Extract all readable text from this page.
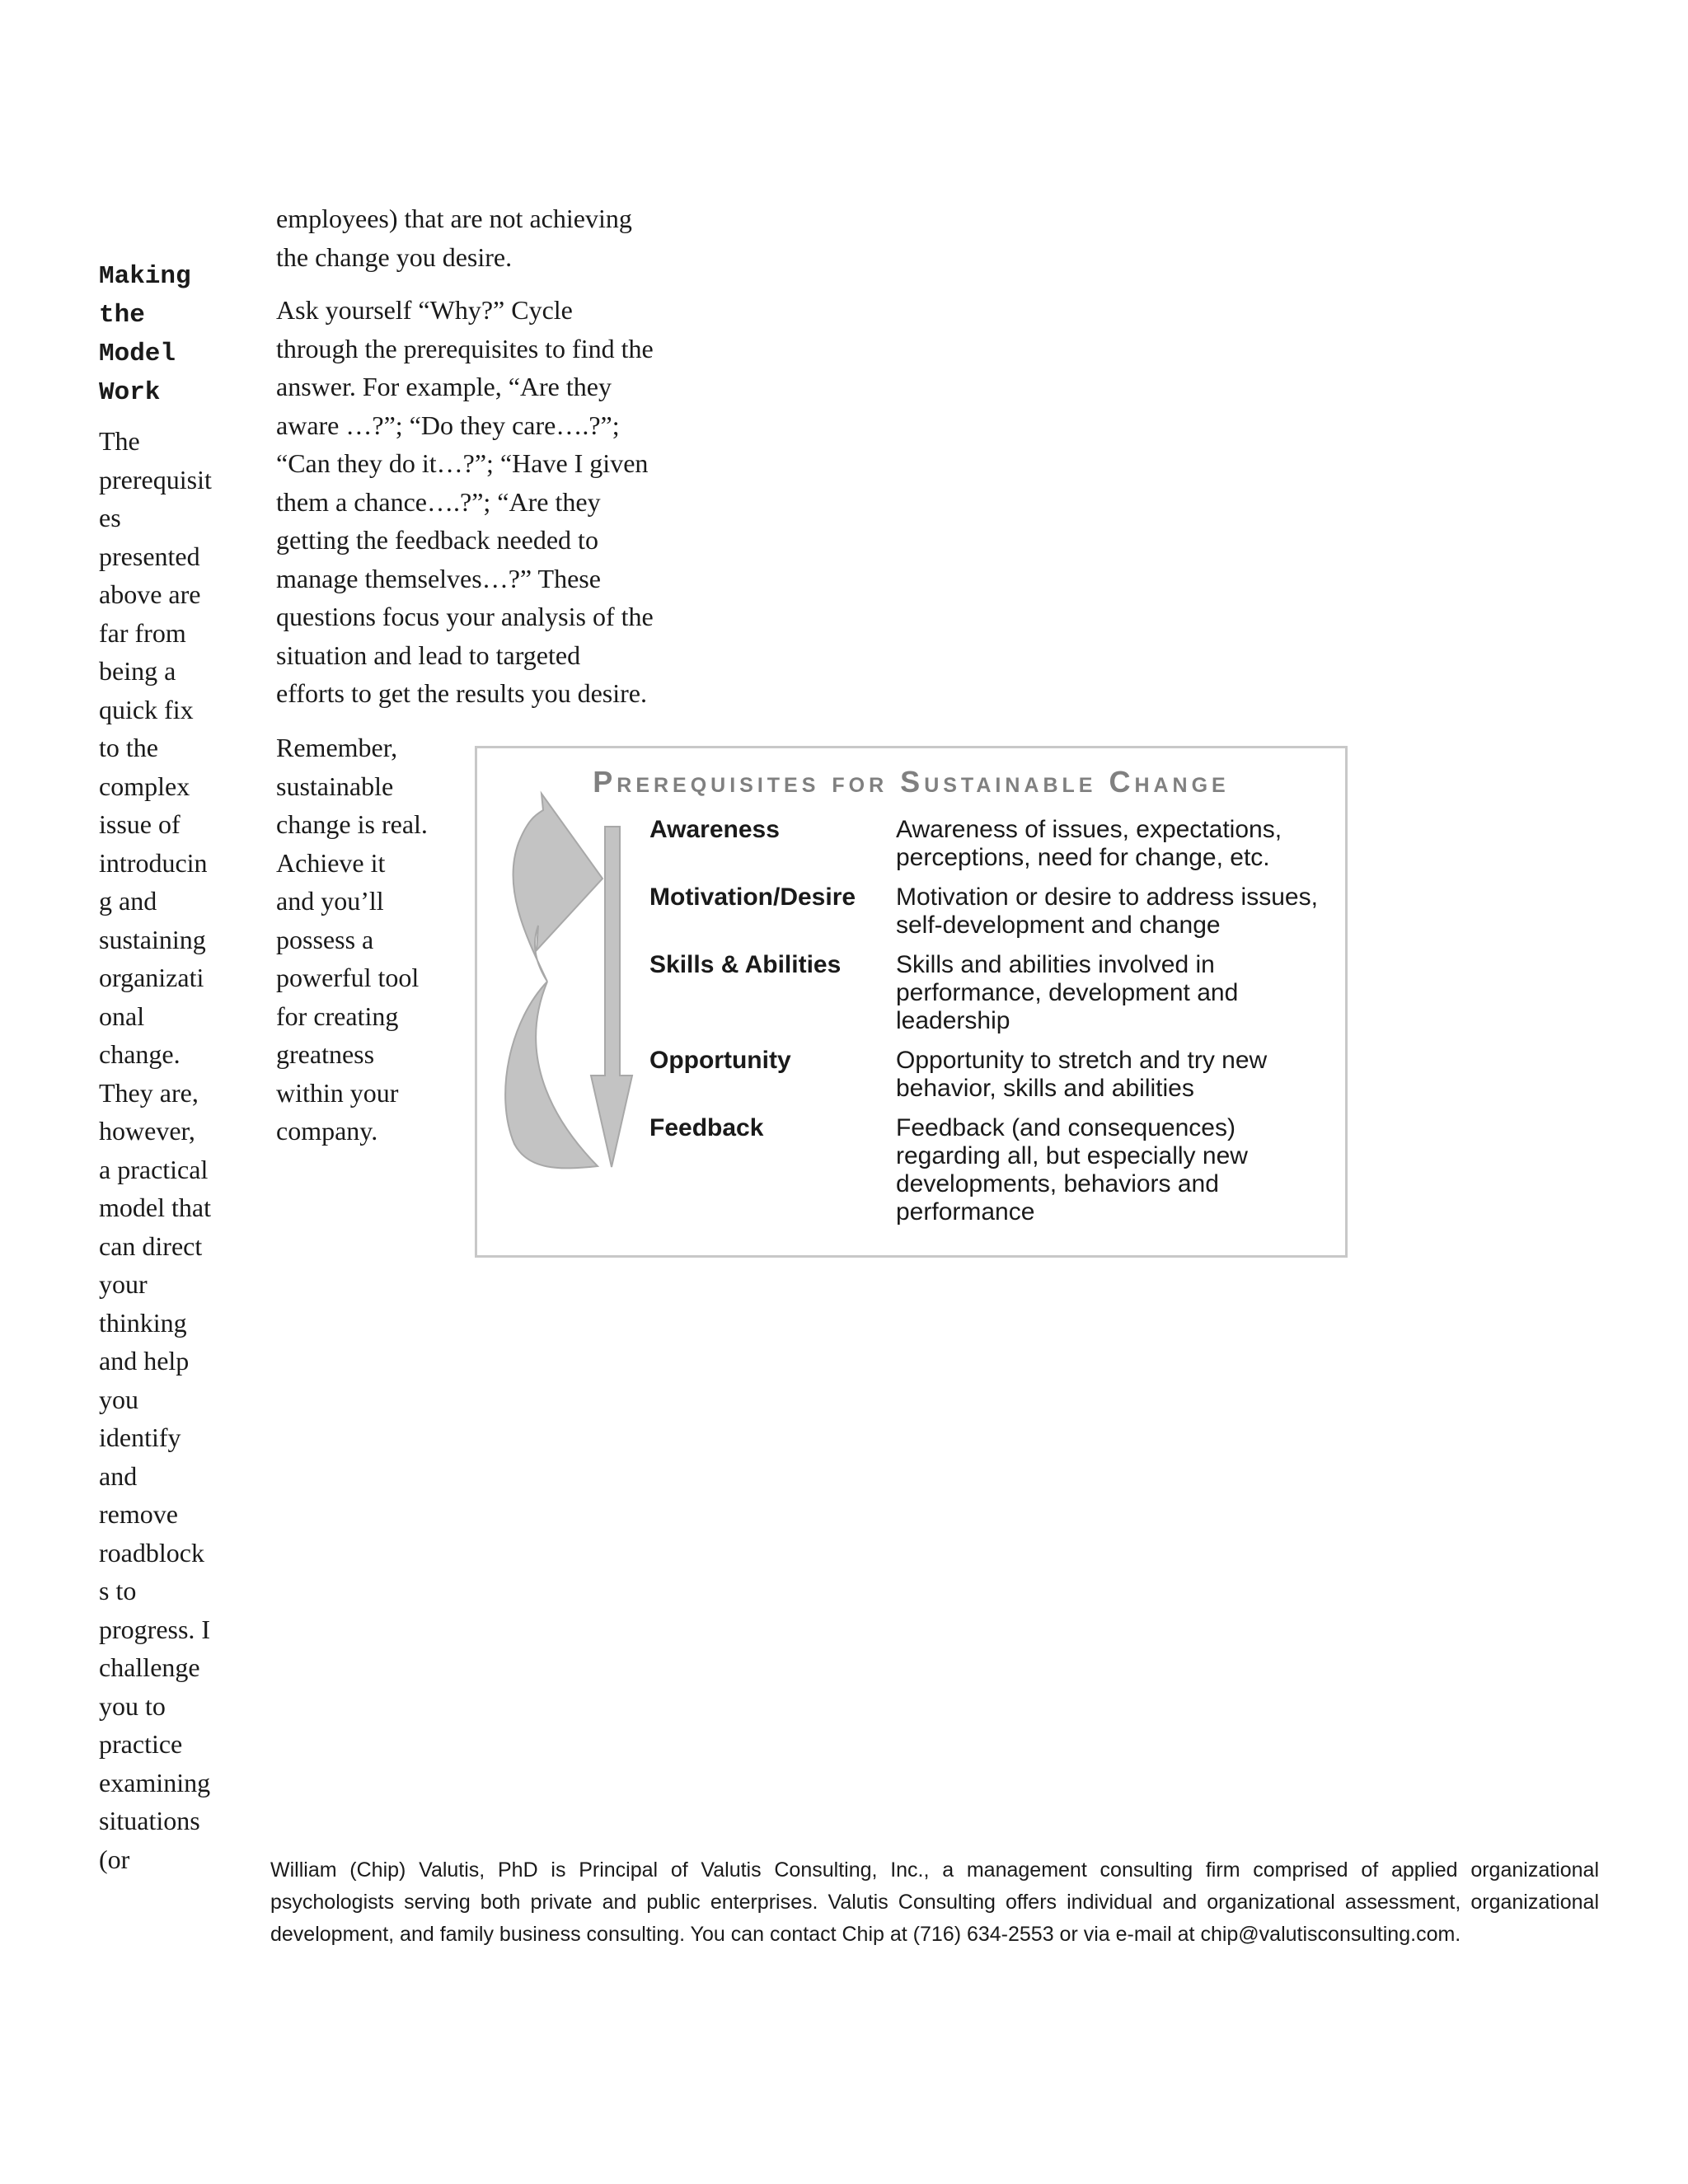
Making
the
Model
Work
The
prerequisit
es
presented
above are
far from
being a
quick fix
to the
complex
issue of
introducin
g and
sustaining
organizati
onal
change.
They are,
however,
a practical
model that
can direct
your
thinking
and help
you
identify
and
remove
roadblock
s to
progress. I
challenge
you to
practice
examining
situations
(or
employees) that are not achieving
the change you desire.
Ask yourself “Why?” Cycle
through the prerequisites to find the
answer. For example, “Are they
aware …?”; “Do they care….?”;
“Can they do it…?”; “Have I given
them a chance….?”; “Are they
getting the feedback needed to
manage themselves…?” These
questions focus your analysis of the
situation and lead to targeted
efforts to get the results you desire.
Remember,
sustainable
change is real.
Achieve it
and you’ll
possess a
powerful tool
for creating
greatness
within your
company.
Prerequisites for Sustainable Change
Awareness	Awareness of issues, expectations,
perceptions, need for change, etc.
Motivation/Desire	Motivation or desire to address issues,
self-development and change
Skills & Abilities	Skills and abilities involved in
performance, development and
leadership
Opportunity	Opportunity to stretch and try new
behavior, skills and abilities
Feedback	Feedback (and consequences)
regarding all, but especially new
developments, behaviors and
performance
William (Chip) Valutis, PhD is Principal of Valutis Consulting, Inc., a management consulting firm comprised of applied organizational psychologists serving both private and public enterprises. Valutis Consulting offers individual and organizational assessment, organizational development, and family business consulting. You can contact Chip at (716) 634-2553 or via e-mail at chip@valutisconsulting.com.
